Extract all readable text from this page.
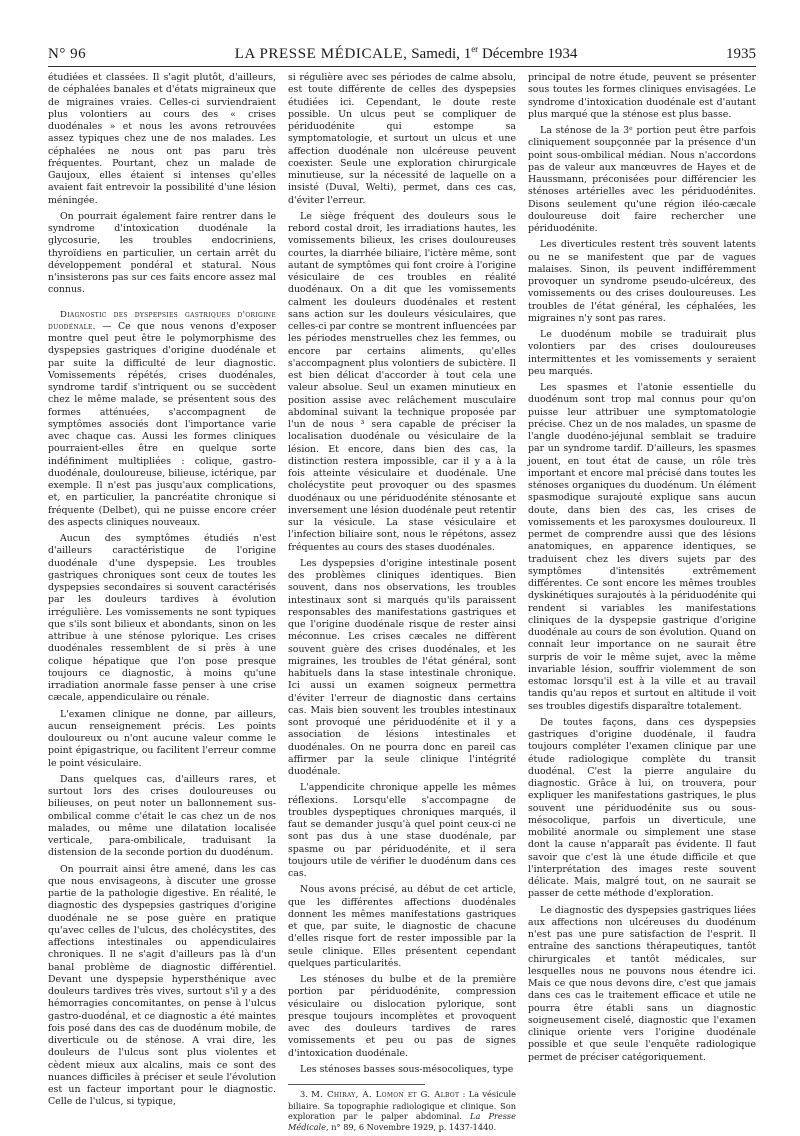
N° 96	LA PRESSE MÉDICALE, Samedi, 1er Décembre 1934	1935

étudiées et classées. Il s'agit plutôt, d'ailleurs, de céphalées banales et d'états migraineux que de migraines vraies. Celles-ci surviendraient plus volontiers au cours des « crises duodénales » et nous les avons retrouvées assez typiques chez une de nos malades. Les céphalées ne nous ont pas paru très fréquentes. Pourtant, chez un malade de Gaujoux, elles étaient si intenses qu'elles avaient fait entrevoir la possibilité d'une lésion méningée.

On pourrait également faire rentrer dans le syndrome d'intoxication duodénale la glycosurie, les troubles endocriniens, thyroïdiens en particulier, un certain arrêt du développement pondéral et statural. Nous n'insisterons pas sur ces faits encore assez mal connus.

Diagnostic des dyspepsies gastriques d'origine duodénale. — Ce que nous venons d'exposer montre quel peut être le polymorphisme des dyspepsies gastriques d'origine duodénale et par suite la difficulté de leur diagnostic. Vomissements répétés, crises duodénales, syndrome tardif s'intriquent ou se succèdent chez le même malade, se présentent sous des formes atténuées, s'accompagnent de symptômes associés dont l'importance varie avec chaque cas. Aussi les formes cliniques pourraient-elles être en quelque sorte indéfiniment multipliées : colique, gastro-duodénale, douloureuse, bilieuse, ictérique, par exemple. Il n'est pas jusqu'aux complications, et, en particulier, la pancréatite chronique si fréquente (Delbet), qui ne puisse encore créer des aspects cliniques nouveaux.

Aucun des symptômes étudiés n'est d'ailleurs caractéristique de l'origine duodénale d'une dyspepsie. Les troubles gastriques chroniques sont ceux de toutes les dyspepsies secondaires si souvent caractérisés par les douleurs tardives à évolution irrégulière. Les vomissements ne sont typiques que s'ils sont bilieux et abondants, sinon on les attribue à une sténose pylorique. Les crises duodénales ressemblent de si près à une colique hépatique que l'on pose presque toujours ce diagnostic, à moins qu'une irradiation anormale fasse penser à une crise cæcale, appendiculaire ou rénale.

L'examen clinique ne donne, par ailleurs, aucun renseignement précis. Les points douloureux ou n'ont aucune valeur comme le point épigastrique, ou facilitent l'erreur comme le point vésiculaire.

Dans quelques cas, d'ailleurs rares, et surtout lors des crises douloureuses ou bilieuses, on peut noter un ballonnement sus-ombilical comme c'était le cas chez un de nos malades, ou même une dilatation localisée verticale, para-ombilicale, traduisant la distension de la seconde portion du duodénum.

On pourrait ainsi être amené, dans les cas que nous envisageons, à discuter une grosse partie de la pathologie digestive. En réalité, le diagnostic des dyspepsies gastriques d'origine duodénale ne se pose guère en pratique qu'avec celles de l'ulcus, des cholécystites, des affections intestinales ou appendiculaires chroniques. Il ne s'agit d'ailleurs pas là d'un banal problème de diagnostic différentiel. Devant une dyspepsie hypersthénique avec douleurs tardives très vives, surtout s'il y a des hémorragies concomitantes, on pense à l'ulcus gastro-duodénal, et ce diagnostic a été maintes fois posé dans des cas de duodénum mobile, de diverticule ou de sténose. A vrai dire, les douleurs de l'ulcus sont plus violentes et cèdent mieux aux alcalins, mais ce sont des nuances difficiles à préciser et seule l'évolution est un facteur important pour le diagnostic. Celle de l'ulcus, si typique,

si régulière avec ses périodes de calme absolu, est toute différente de celles des dyspepsies étudiées ici. Cependant, le doute reste possible. Un ulcus peut se compliquer de périduodénite qui estompe sa symptomatologie, et surtout un ulcus et une affection duodénale non ulcéreuse peuvent coexister. Seule une exploration chirurgicale minutieuse, sur la nécessité de laquelle on a insisté (Duval, Welti), permet, dans ces cas, d'éviter l'erreur.

Le siège fréquent des douleurs sous le rebord costal droit, les irradiations hautes, les vomissements bilieux, les crises douloureuses courtes, la diarrhée biliaire, l'ictère même, sont autant de symptômes qui font croire à l'origine vésiculaire de ces troubles en réalité duodénaux. On a dit que les vomissements calment les douleurs duodénales et restent sans action sur les douleurs vésiculaires, que celles-ci par contre se montrent influencées par les périodes menstruelles chez les femmes, ou encore par certains aliments, qu'elles s'accompagnent plus volontiers de subictère. Il est bien délicat d'accorder à tout cela une valeur absolue. Seul un examen minutieux en position assise avec relâchement musculaire abdominal suivant la technique proposée par l'un de nous ³ sera capable de préciser la localisation duodénale ou vésiculaire de la lésion. Et encore, dans bien des cas, la distinction restera impossible, car il y a à la fois atteinte vésiculaire et duodénale. Une cholécystite peut provoquer ou des spasmes duodénaux ou une périduodénite sténosante et inversement une lésion duodénale peut retentir sur la vésicule. La stase vésiculaire et l'infection biliaire sont, nous le répétons, assez fréquentes au cours des stases duodénales.

Les dyspepsies d'origine intestinale posent des problèmes cliniques identiques. Bien souvent, dans nos observations, les troubles intestinaux sont si marqués qu'ils paraissent responsables des manifestations gastriques et que l'origine duodénale risque de rester ainsi méconnue. Les crises cæcales ne diffèrent souvent guère des crises duodénales, et les migraines, les troubles de l'état général, sont habituels dans la stase intestinale chronique. Ici aussi un examen soigneux permettra d'éviter l'erreur de diagnostic dans certains cas. Mais bien souvent les troubles intestinaux sont provoqué une périduodénite et il y a association de lésions intestinales et duodénales. On ne pourra donc en pareil cas affirmer par la seule clinique l'intégrité duodénale.

L'appendicite chronique appelle les mêmes réflexions. Lorsqu'elle s'accompagne de troubles dyspeptiques chroniques marqués, il faut se demander jusqu'à quel point ceux-ci ne sont pas dus à une stase duodénale, par spasme ou par périduodénite, et il sera toujours utile de vérifier le duodénum dans ces cas.

Nous avons précisé, au début de cet article, que les différentes affections duodénales donnent les mêmes manifestations gastriques et que, par suite, le diagnostic de chacune d'elles risque fort de rester impossible par la seule clinique. Elles présentent cependant quelques particularités.

Les sténoses du bulbe et de la première portion par périduodénite, compression vésiculaire ou dislocation pylorique, sont presque toujours incomplètes et provoquent avec des douleurs tardives de rares vomissements et peu ou pas de signes d'intoxication duodénale.

Les sténoses basses sous-mésocoliques, type

3. M. Chiray, A. Lomon et G. Albot : La vésicule biliaire. Sa topographie radiologique et clinique. Son exploration par le palper abdominal. La Presse Médicale, n° 89, 6 Novembre 1929, p. 1437-1440.

principal de notre étude, peuvent se présenter sous toutes les formes cliniques envisagées. Le syndrome d'intoxication duodénale est d'autant plus marqué que la sténose est plus basse.

La sténose de la 3ᵉ portion peut être parfois cliniquement soupçonnée par la présence d'un point sous-ombilical médian. Nous n'accordons pas de valeur aux manœuvres de Hayes et de Haussmann, préconisées pour différencier les sténoses artérielles avec les périduodénites. Disons seulement qu'une région iléo-cæcale douloureuse doit faire rechercher une périduodénite.

Les diverticules restent très souvent latents ou ne se manifestent que par de vagues malaises. Sinon, ils peuvent indifféremment provoquer un syndrome pseudo-ulcéreux, des vomissements ou des crises douloureuses. Les troubles de l'état général, les céphalées, les migraines n'y sont pas rares.

Le duodénum mobile se traduirait plus volontiers par des crises douloureuses intermittentes et les vomissements y seraient peu marqués.

Les spasmes et l'atonie essentielle du duodénum sont trop mal connus pour qu'on puisse leur attribuer une symptomatologie précise. Chez un de nos malades, un spasme de l'angle duodéno-jéjunal semblait se traduire par un syndrome tardif. D'ailleurs, les spasmes jouent, en tout état de cause, un rôle très important et encore mal précisé dans toutes les sténoses organiques du duodénum. Un élément spasmodique surajouté explique sans aucun doute, dans bien des cas, les crises de vomissements et les paroxysmes douloureux. Il permet de comprendre aussi que des lésions anatomiques, en apparence identiques, se traduisent chez les divers sujets par des symptômes d'intensités extrêmement différentes. Ce sont encore les mêmes troubles dyskinétiques surajoutés à la périduodénite qui rendent si variables les manifestations cliniques de la dyspepsie gastrique d'origine duodénale au cours de son évolution. Quand on connaît leur importance on ne saurait être surpris de voir le même sujet, avec la même invariable lésion, souffrir violemment de son estomac lorsqu'il est à la ville et au travail tandis qu'au repos et surtout en altitude il voit ses troubles digestifs disparaître totalement.

De toutes façons, dans ces dyspepsies gastriques d'origine duodénale, il faudra toujours compléter l'examen clinique par une étude radiologique complète du transit duodénal. C'est la pierre angulaire du diagnostic. Grâce à lui, on trouvera, pour expliquer les manifestations gastriques, le plus souvent une périduodénite sus ou sous-mésocolique, parfois un diverticule, une mobilité anormale ou simplement une stase dont la cause n'apparaît pas évidente. Il faut savoir que c'est là une étude difficile et que l'interprétation des images reste souvent délicate. Mais, malgré tout, on ne saurait se passer de cette méthode d'exploration.

Le diagnostic des dyspepsies gastriques liées aux affections non ulcéreuses du duodénum n'est pas une pure satisfaction de l'esprit. Il entraîne des sanctions thérapeutiques, tantôt chirurgicales et tantôt médicales, sur lesquelles nous ne pouvons nous étendre ici. Mais ce que nous devons dire, c'est que jamais dans ces cas le traitement efficace et utile ne pourra être établi sans un diagnostic soigneusement ciselé, diagnostic que l'examen clinique oriente vers l'origine duodénale possible et que seule l'enquête radiologique permet de préciser catégoriquement.
